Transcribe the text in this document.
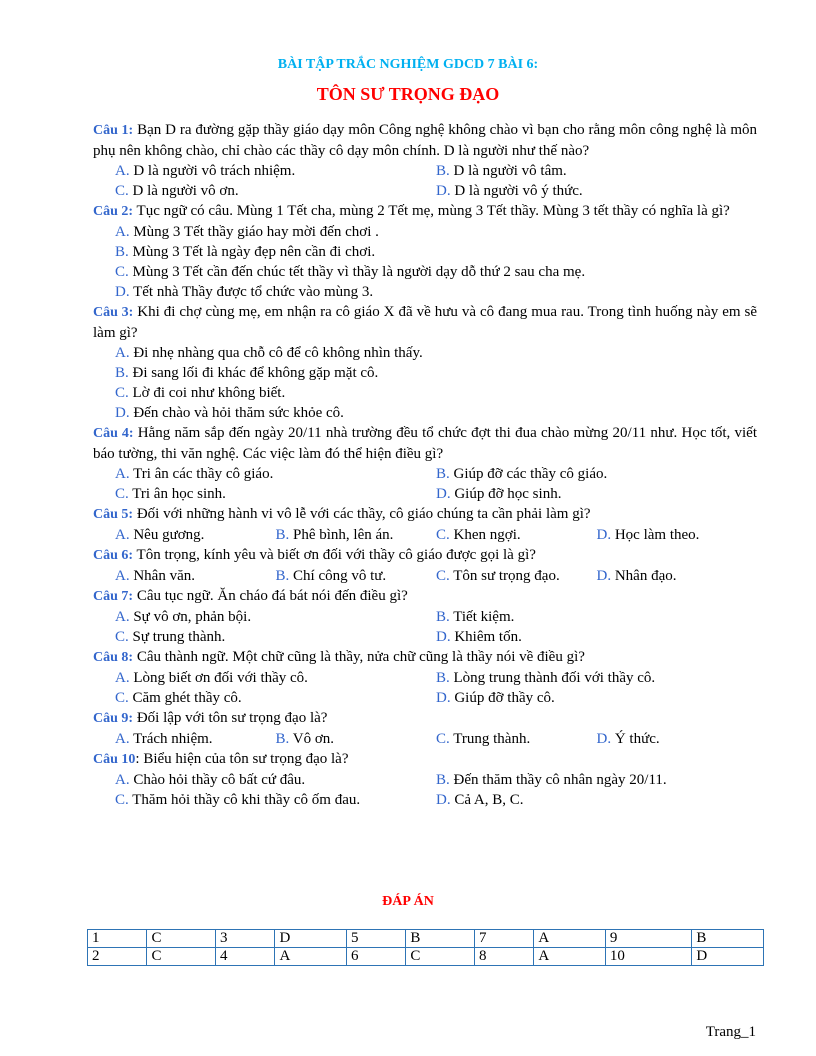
BÀI TẬP TRẮC NGHIỆM GDCD 7 BÀI 6:
TÔN SƯ TRỌNG ĐẠO
Câu 1: Bạn D ra đường gặp thầy giáo dạy môn Công nghệ không chào vì bạn cho rằng môn công nghệ là môn phụ nên không chào, chỉ chào các thầy cô dạy môn chính. D là người như thế nào?
A. D là người vô trách nhiệm.	B. D là người vô tâm.
C. D là người vô ơn.	D. D là người vô ý thức.
Câu 2: Tục ngữ có câu. Mùng 1 Tết cha, mùng 2 Tết mẹ, mùng 3 Tết thầy. Mùng 3 tết thầy có nghĩa là gì?
A. Mùng 3 Tết thầy giáo hay mời đến chơi .
B. Mùng 3 Tết là ngày đẹp nên cần đi chơi.
C. Mùng 3 Tết cần đến chúc tết thầy vì thầy là người dạy dỗ thứ 2 sau cha mẹ.
D. Tết nhà Thầy được tổ chức vào mùng 3.
Câu 3: Khi đi chợ cùng mẹ, em nhận ra cô giáo X đã về hưu và cô đang mua rau. Trong tình huống này em sẽ làm gì?
A. Đi nhẹ nhàng qua chỗ cô để cô không nhìn thấy.
B. Đi sang lối đi khác để không gặp mặt cô.
C. Lờ đi coi như không biết.
D. Đến chào và hỏi thăm sức khỏe cô.
Câu 4: Hằng năm sắp đến ngày 20/11 nhà trường đều tổ chức đợt thi đua chào mừng 20/11 như. Học tốt, viết báo tường, thi văn nghệ. Các việc làm đó thể hiện điều gì?
A. Tri ân các thầy cô giáo.	B. Giúp đỡ các thầy cô giáo.
C. Tri ân học sinh.	D. Giúp đỡ học sinh.
Câu 5: Đối với những hành vi vô lễ với các thầy, cô giáo chúng ta cần phải làm gì?
A. Nêu gương.	B. Phê bình, lên án.	C. Khen ngợi.	D. Học làm theo.
Câu 6: Tôn trọng, kính yêu và biết ơn đối với thầy cô giáo được gọi là gì?
A. Nhân văn.	B. Chí công vô tư.	C. Tôn sư trọng đạo.	D. Nhân đạo.
Câu 7: Câu tục ngữ. Ăn cháo đá bát nói đến điều gì?
A. Sự vô ơn, phản bội.	B. Tiết kiệm.
C. Sự trung thành.	D. Khiêm tốn.
Câu 8: Câu thành ngữ. Một chữ cũng là thầy, nửa chữ cũng là thầy nói về điều gì?
A. Lòng biết ơn đối với thầy cô.	B. Lòng trung thành đối với thầy cô.
C. Căm ghét thầy cô.	D. Giúp đỡ thầy cô.
Câu 9: Đối lập với tôn sư trọng đạo là?
A. Trách nhiệm.	B. Vô ơn.	C. Trung thành.	D. Ý thức.
Câu 10: Biểu hiện của tôn sư trọng đạo là?
A. Chào hỏi thầy cô bất cứ đâu.	B. Đến thăm thầy cô nhân ngày 20/11.
C. Thăm hỏi thầy cô khi thầy cô ốm đau.	D. Cả A, B, C.
ĐÁP ÁN
1	C	3	D	5	B	7	A	9	B
2	C	4	A	6	C	8	A	10	D
Trang_1
